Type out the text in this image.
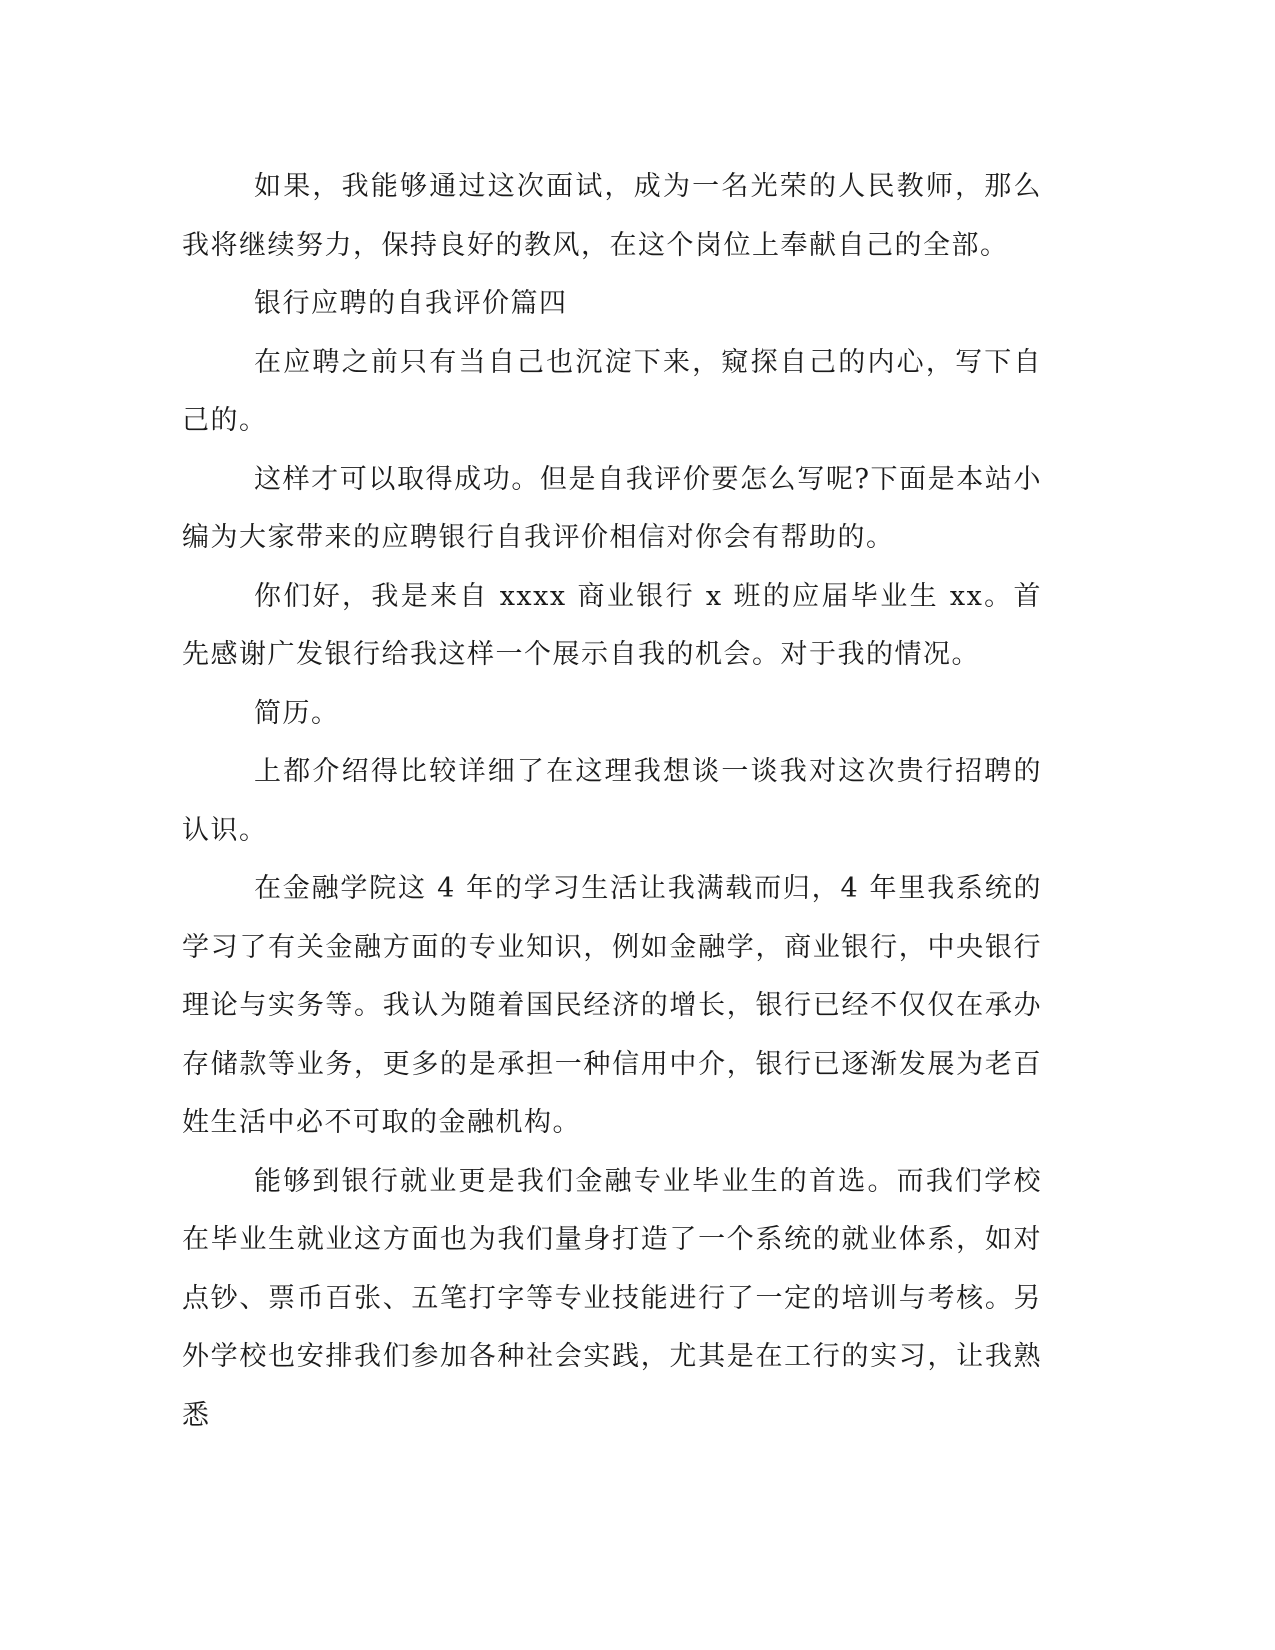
如果，我能够通过这次面试，成为一名光荣的人民教师，那么我将继续努力，保持良好的教风，在这个岗位上奉献自己的全部。

银行应聘的自我评价篇四

在应聘之前只有当自己也沉淀下来，窥探自己的内心，写下自己的。

这样才可以取得成功。但是自我评价要怎么写呢?下面是本站小编为大家带来的应聘银行自我评价相信对你会有帮助的。

你们好，我是来自 xxxx 商业银行 x 班的应届毕业生 xx。首先感谢广发银行给我这样一个展示自我的机会。对于我的情况。

简历。

上都介绍得比较详细了在这理我想谈一谈我对这次贵行招聘的认识。

在金融学院这 4 年的学习生活让我满载而归，4 年里我系统的学习了有关金融方面的专业知识，例如金融学，商业银行，中央银行理论与实务等。我认为随着国民经济的增长，银行已经不仅仅在承办存储款等业务，更多的是承担一种信用中介，银行已逐渐发展为老百姓生活中必不可取的金融机构。

能够到银行就业更是我们金融专业毕业生的首选。而我们学校在毕业生就业这方面也为我们量身打造了一个系统的就业体系，如对点钞、票币百张、五笔打字等专业技能进行了一定的培训与考核。另外学校也安排我们参加各种社会实践，尤其是在工行的实习，让我熟悉
